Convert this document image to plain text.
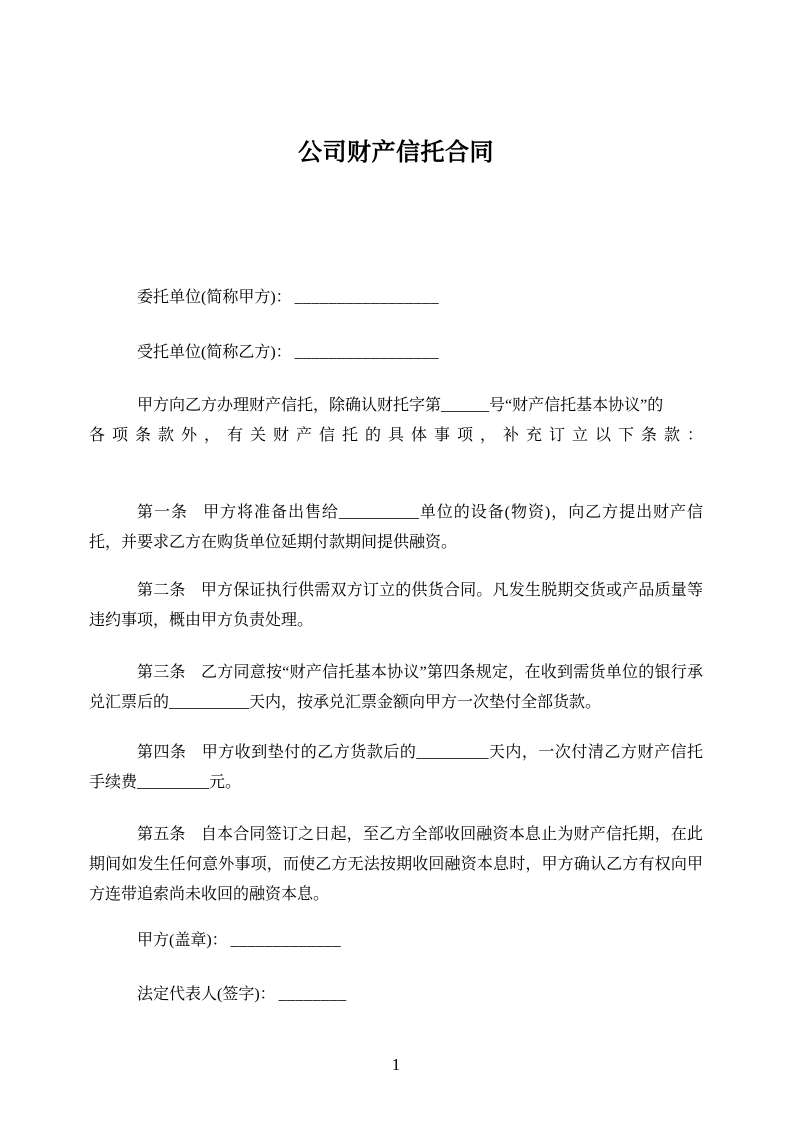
公司财产信托合同
委托单位(简称甲方)： _________________
受托单位(简称乙方)： _________________
甲方向乙方办理财产信托，除确认财托字第______号“财产信托基本协议”的
各项条款外，有关财产信托的具体事项，补充订立以下条款：

第一条 甲方将准备出售给__________单位的设备(物资)，向乙方提出财产信托，并要求乙方在购货单位延期付款期间提供融资。

第二条 甲方保证执行供需双方订立的供货合同。凡发生脱期交货或产品质量等违约事项，概由甲方负责处理。

第三条 乙方同意按“财产信托基本协议”第四条规定，在收到需货单位的银行承兑汇票后的__________天内，按承兑汇票金额向甲方一次垫付全部货款。

第四条 甲方收到垫付的乙方货款后的_________天内，一次付清乙方财产信托手续费_________元。

第五条 自本合同签订之日起，至乙方全部收回融资本息止为财产信托期，在此期间如发生任何意外事项，而使乙方无法按期收回融资本息时，甲方确认乙方有权向甲方连带追索尚未收回的融资本息。

甲方(盖章)： _____________
法定代表人(签字)： ________
1
